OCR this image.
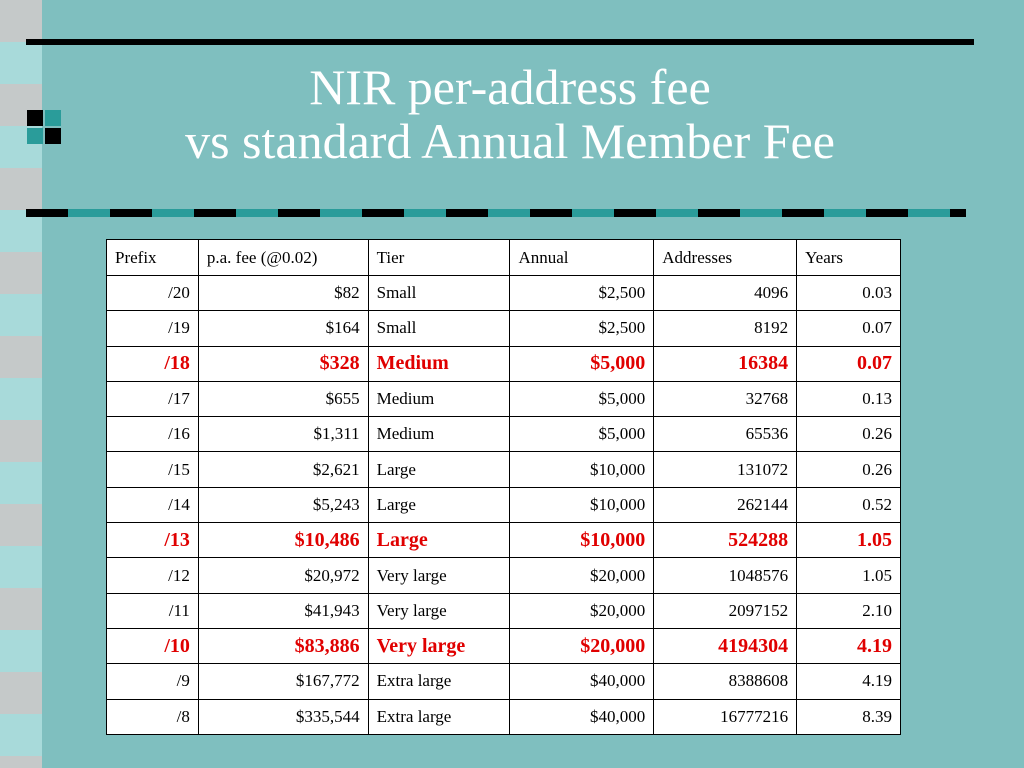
NIR per-address fee
vs standard Annual Member Fee
Prefix	p.a. fee (@0.02)	Tier	Annual	Addresses	Years
/20	$82	Small	$2,500	4096	0.03
/19	$164	Small	$2,500	8192	0.07
/18	$328	Medium	$5,000	16384	0.07
/17	$655	Medium	$5,000	32768	0.13
/16	$1,311	Medium	$5,000	65536	0.26
/15	$2,621	Large	$10,000	131072	0.26
/14	$5,243	Large	$10,000	262144	0.52
/13	$10,486	Large	$10,000	524288	1.05
/12	$20,972	Very large	$20,000	1048576	1.05
/11	$41,943	Very large	$20,000	2097152	2.10
/10	$83,886	Very large	$20,000	4194304	4.19
/9	$167,772	Extra large	$40,000	8388608	4.19
/8	$335,544	Extra large	$40,000	16777216	8.39
